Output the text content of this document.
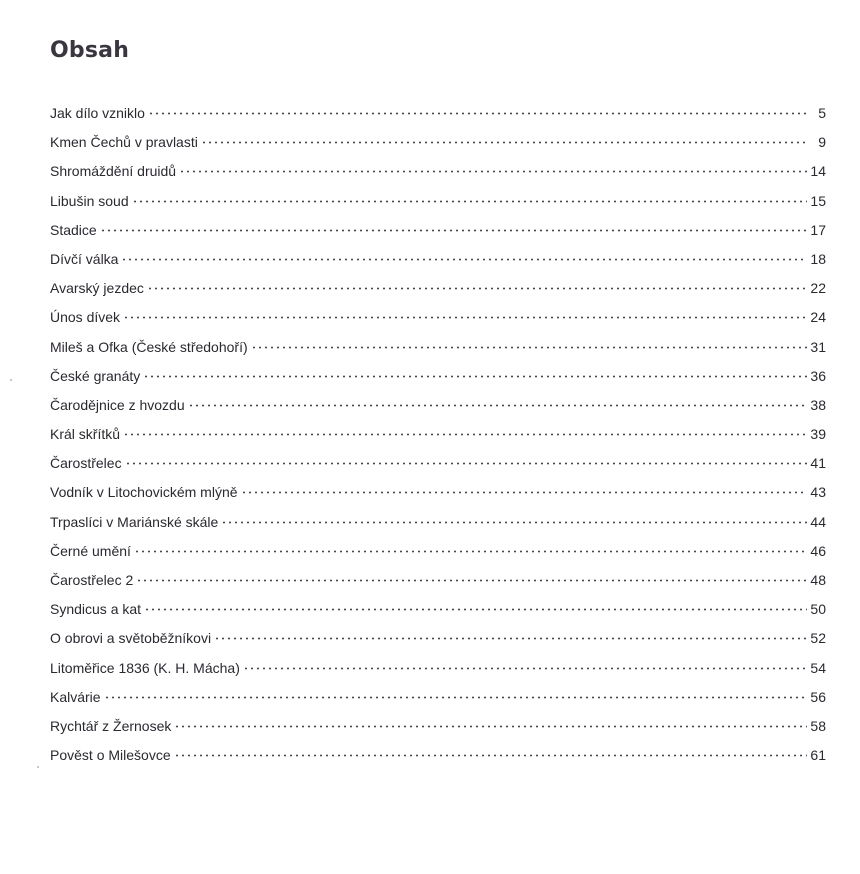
Obsah
Jak dílo vzniklo	5
Kmen Čechů v pravlasti	9
Shromáždění druidů	14
Libušin soud	15
Stadice	17
Dívčí válka	18
Avarský jezdec	22
Únos dívek	24
Mileš a Ofka (České středohoří)	31
České granáty	36
Čarodějnice z hvozdu	38
Král skřítků	39
Čarostřelec	41
Vodník v Litochovickém mlýně	43
Trpaslíci v Mariánské skále	44
Černé umění	46
Čarostřelec 2	48
Syndicus a kat	50
O obrovi a světoběžníkovi	52
Litoměřice 1836 (K. H. Mácha)	54
Kalvárie	56
Rychtář z Žernosek	58
Pověst o Milešovce	61
